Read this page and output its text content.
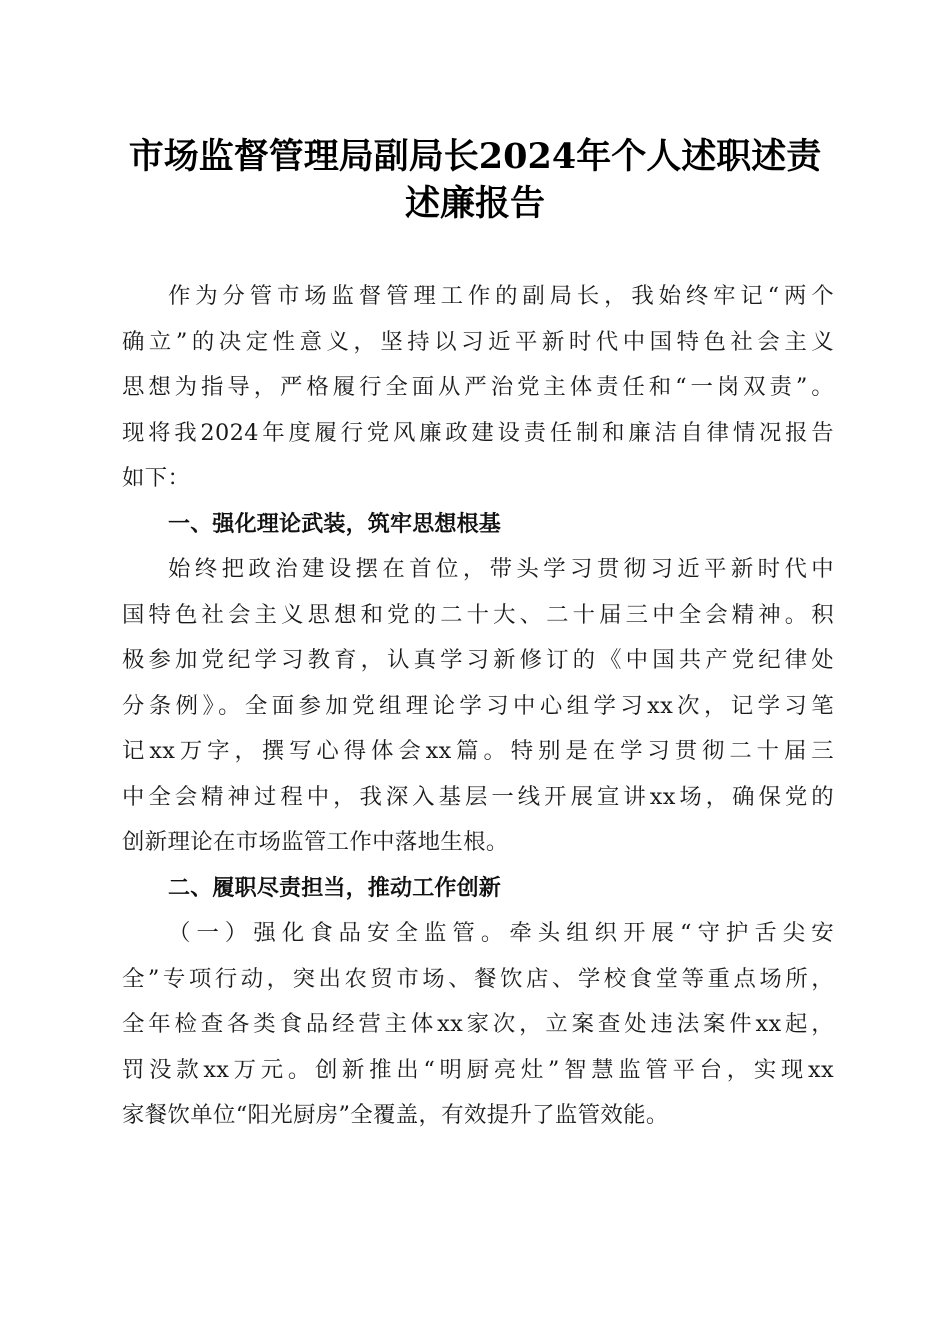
市场监督管理局副局长2024年个人述职述责
述廉报告
作为分管市场监督管理工作的副局长，我始终牢记“两个
确立”的决定性意义，坚持以习近平新时代中国特色社会主义
思想为指导，严格履行全面从严治党主体责任和“一岗双责”。
现将我2024年度履行党风廉政建设责任制和廉洁自律情况报告
如下：
一、强化理论武装，筑牢思想根基
始终把政治建设摆在首位，带头学习贯彻习近平新时代中
国特色社会主义思想和党的二十大、二十届三中全会精神。积
极参加党纪学习教育，认真学习新修订的《中国共产党纪律处
分条例》。全面参加党组理论学习中心组学习xx次，记学习笔
记xx万字，撰写心得体会xx篇。特别是在学习贯彻二十届三
中全会精神过程中，我深入基层一线开展宣讲xx场，确保党的
创新理论在市场监管工作中落地生根。
二、履职尽责担当，推动工作创新
（一）强化食品安全监管。牵头组织开展“守护舌尖安
全”专项行动，突出农贸市场、餐饮店、学校食堂等重点场所，
全年检查各类食品经营主体xx家次，立案查处违法案件xx起，
罚没款xx万元。创新推出“明厨亮灶”智慧监管平台，实现xx
家餐饮单位“阳光厨房”全覆盖，有效提升了监管效能。
